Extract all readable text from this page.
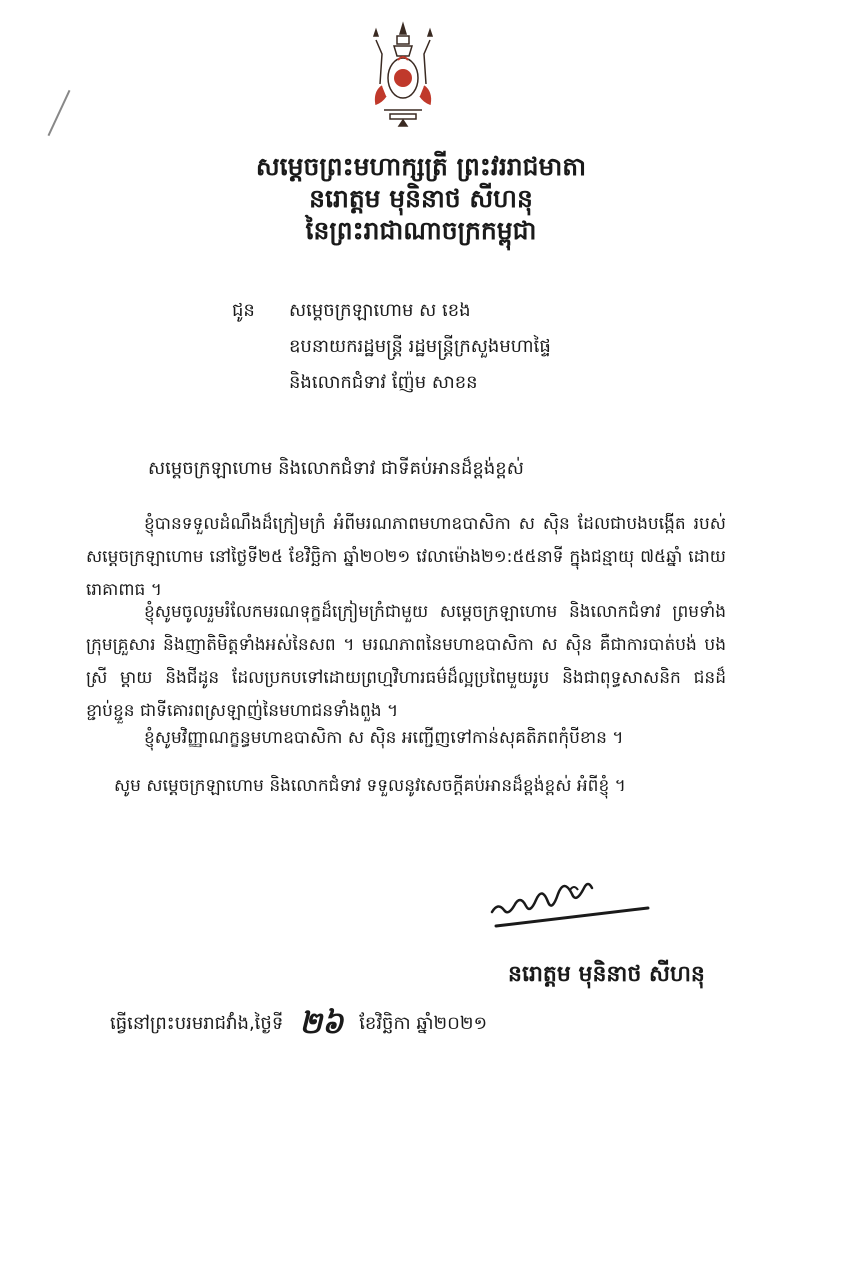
សម្តេចព្រះមហាក្សត្រី ព្រះវររាជមាតា
នរោត្តម មុនិនាថ សីហនុ
នៃព្រះរាជាណាចក្រកម្ពុជា
ជូន សម្តេចក្រឡាហោម ស ខេង
ឧបនាយករដ្ឋមន្ត្រី រដ្ឋមន្ត្រីក្រសួងមហាផ្ទៃ
និងលោកជំទាវ ញ៉ែម សាខន
សម្តេចក្រឡាហោម និងលោកជំទាវ ជាទីគប់អានដ៏ខ្ពង់ខ្ពស់
ខ្ញុំបានទទួលដំណឹងដ៏ក្រៀមក្រំ អំពីមរណភាពមហាឧបាសិកា ស ស៊ិន ដែលជាបងបង្កើត របស់ សម្តេចក្រឡាហោម នៅថ្ងៃទី២៥ ខែវិច្ឆិកា ឆ្នាំ២០២១ វេលាម៉ោង២១:៥៥នាទី ក្នុងជន្មាយុ ៧៥ឆ្នាំ ដោយរោគាពាធ ។
ខ្ញុំសូមចូលរួមរំលែកមរណទុក្ខដ៏ក្រៀមក្រំជាមួយ សម្តេចក្រឡាហោម និងលោកជំទាវ ព្រមទាំង ក្រុមគ្រួសារ និងញាតិមិត្តទាំងអស់នៃសព ។ មរណភាពនៃមហាឧបាសិកា ស ស៊ិន គឺជាការបាត់បង់ បងស្រី ម្តាយ និងជីដូន ដែលប្រកបទៅដោយព្រហ្មវិហារធម៌ដ៏ល្អប្រពៃមួយរូប និងជាពុទ្ធសាសនិក ជនដ៏ខ្ជាប់ខ្ជួន ជាទីគោរពស្រឡាញ់នៃមហាជនទាំងពួង ។
ខ្ញុំសូមវិញ្ញាណក្ខន្ធមហាឧបាសិកា ស ស៊ិន អញ្ជើញទៅកាន់សុគតិភពកុំបីខាន ។
សូម សម្តេចក្រឡាហោម និងលោកជំទាវ ទទួលនូវសេចក្តីគប់អានដ៏ខ្ពង់ខ្ពស់ អំពីខ្ញុំ ។
នរោត្តម មុនិនាថ សីហនុ
ធ្វើនៅព្រះបរមរាជវាំង,ថ្ងៃទី ២៦ ខែវិច្ឆិកា ឆ្នាំ២០២១
